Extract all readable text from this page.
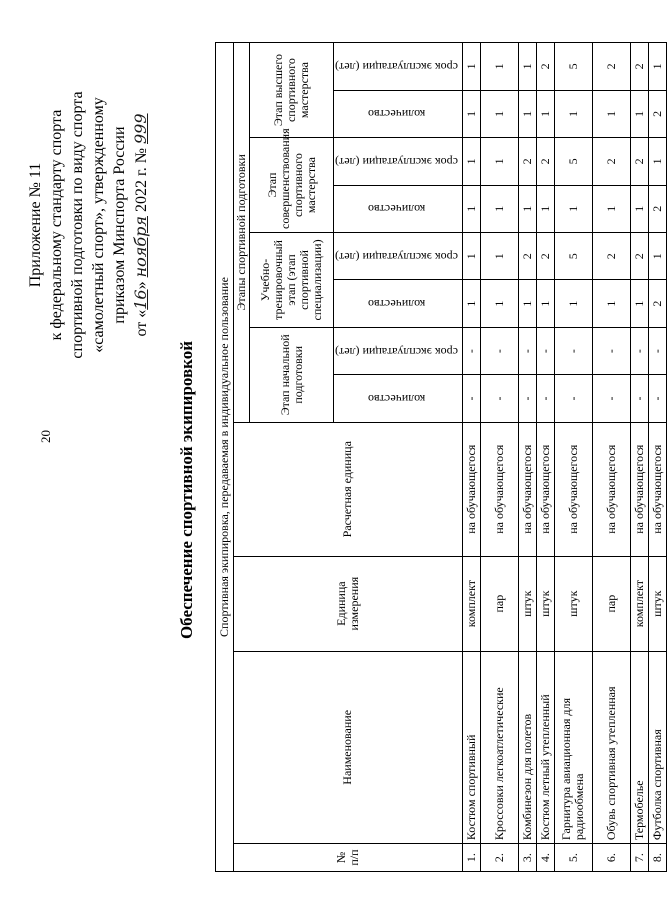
20
Приложение № 11 к федеральному стандарту спорта спортивной подготовки по виду спорта «самолетный спорт», утвержденному приказом Минспорта России от «16» ноября 2022 г. № 999
Обеспечение спортивной экипировкой Спортивная экипировка, передаваемая в индивидуальное пользование											
№ п/п	Наименование	Единица измерения	Расчетная единица	Этапы спортивной подготовки							
				Этап начальной подготовки		Учебно-тренировочный этап (этап спортивной специализации)		Этап совершенствования спортивного мастерства		Этап высшего спортивного мастерства	
				количество	срок эксплуатации (лет)	количество	срок эксплуатации (лет)	количество	срок эксплуатации (лет)	количество	срок эксплуатации (лет)
1.	Костюм спортивный	комплект	на обучающегося	-	-	1	1	1	1	1	1
2.	Кроссовки легкоатлетические	пар	на обучающегося	-	-	1	1	1	1	1	1
3.	Комбинезон для полетов	штук	на обучающегося	-	-	1	2	1	2	1	1
4.	Костюм летный утепленный	штук	на обучающегося	-	-	1	2	1	2	1	2
5.	Гарнитура авиационная для радиообмена	штук	на обучающегося	-	-	1	5	1	5	1	5
6.	Обувь спортивная утепленная	пар	на обучающегося	-	-	1	2	1	2	1	2
7.	Термобелье	комплект	на обучающегося	-	-	1	2	1	2	1	2
8.	Футболка спортивная	штук	на обучающегося	-	-	2	1	2	1	2	1
